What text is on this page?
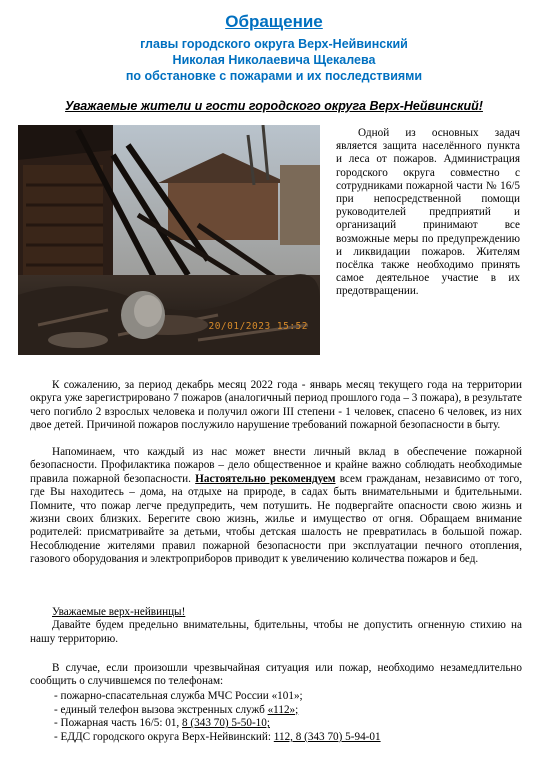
Обращение
главы городского округа Верх-Нейвинский
Николая Николаевича Щекалева
по обстановке с пожарами и их последствиями
Уважаемые жители и гости городского округа Верх-Нейвинский!
20/01/2023 15:52

Одной из основных задач является защита населённого пункта и леса от пожаров. Администрация городского округа совместно с сотрудниками пожарной части № 16/5 при непосредственной помощи руководителей предприятий и организаций принимают все возможные меры по предупреждению и ликвидации пожаров. Жителям посёлка также необходимо принять самое деятельное участие в их предотвращении.

К сожалению, за период декабрь месяц 2022 года - январь месяц текущего года на территории округа уже зарегистрировано 7 пожаров (аналогичный период прошлого года – 3 пожара), в результате чего погибло 2 взрослых человека и получил ожоги III степени - 1 человек, спасено 6 человек, из них двое детей. Причиной пожаров послужило нарушение требований пожарной безопасности в быту.

Напоминаем, что каждый из нас может внести личный вклад в обеспечение пожарной безопасности. Профилактика пожаров – дело общественное и крайне важно соблюдать необходимые правила пожарной безопасности. Настоятельно рекомендуем всем гражданам, независимо от того, где Вы находитесь – дома, на отдыхе на природе, в садах быть внимательными и бдительными. Помните, что пожар легче предупредить, чем потушить. Не подвергайте опасности свою жизнь и жизни своих близких. Берегите свою жизнь, жилье и имущество от огня. Обращаем внимание родителей: присматривайте за детьми, чтобы детская шалость не превратилась в большой пожар. Несоблюдение жителями правил пожарной безопасности при эксплуатации печного отопления, газового оборудования и электроприборов приводит к увеличению количества пожаров и бед.

Уважаемые верх-нейвинцы!

Давайте будем предельно внимательны, бдительны, чтобы не допустить огненную стихию на нашу территорию.

В случае, если произошли чрезвычайная ситуация или пожар, необходимо незамедлительно сообщить о случившемся по телефонам:

- пожарно-спасательная служба МЧС России «101»;
- единый телефон вызова экстренных служб «112»;
- Пожарная часть 16/5: 01, 8 (343 70) 5-50-10;
- ЕДДС городского округа Верх-Нейвинский: 112, 8 (343 70) 5-94-01
